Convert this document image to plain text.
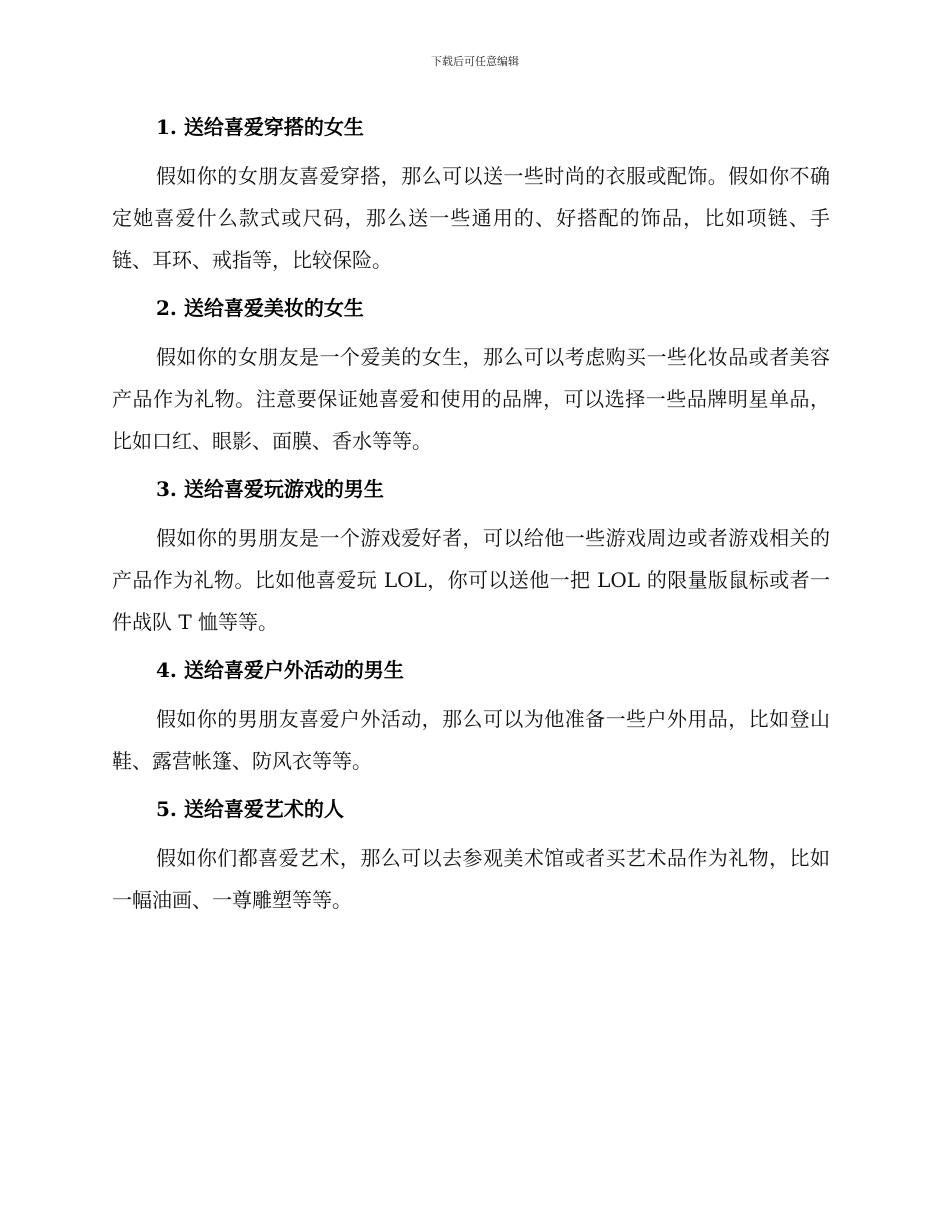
下载后可任意编辑
1. 送给喜爱穿搭的女生

假如你的女朋友喜爱穿搭，那么可以送一些时尚的衣服或配饰。假如你不确定她喜爱什么款式或尺码，那么送一些通用的、好搭配的饰品，比如项链、手链、耳环、戒指等，比较保险。

2. 送给喜爱美妆的女生

假如你的女朋友是一个爱美的女生，那么可以考虑购买一些化妆品或者美容产品作为礼物。注意要保证她喜爱和使用的品牌，可以选择一些品牌明星单品，比如口红、眼影、面膜、香水等等。

3. 送给喜爱玩游戏的男生

假如你的男朋友是一个游戏爱好者，可以给他一些游戏周边或者游戏相关的产品作为礼物。比如他喜爱玩 LOL，你可以送他一把 LOL 的限量版鼠标或者一件战队 T 恤等等。

4. 送给喜爱户外活动的男生

假如你的男朋友喜爱户外活动，那么可以为他准备一些户外用品，比如登山鞋、露营帐篷、防风衣等等。

5. 送给喜爱艺术的人

假如你们都喜爱艺术，那么可以去参观美术馆或者买艺术品作为礼物，比如一幅油画、一尊雕塑等等。
